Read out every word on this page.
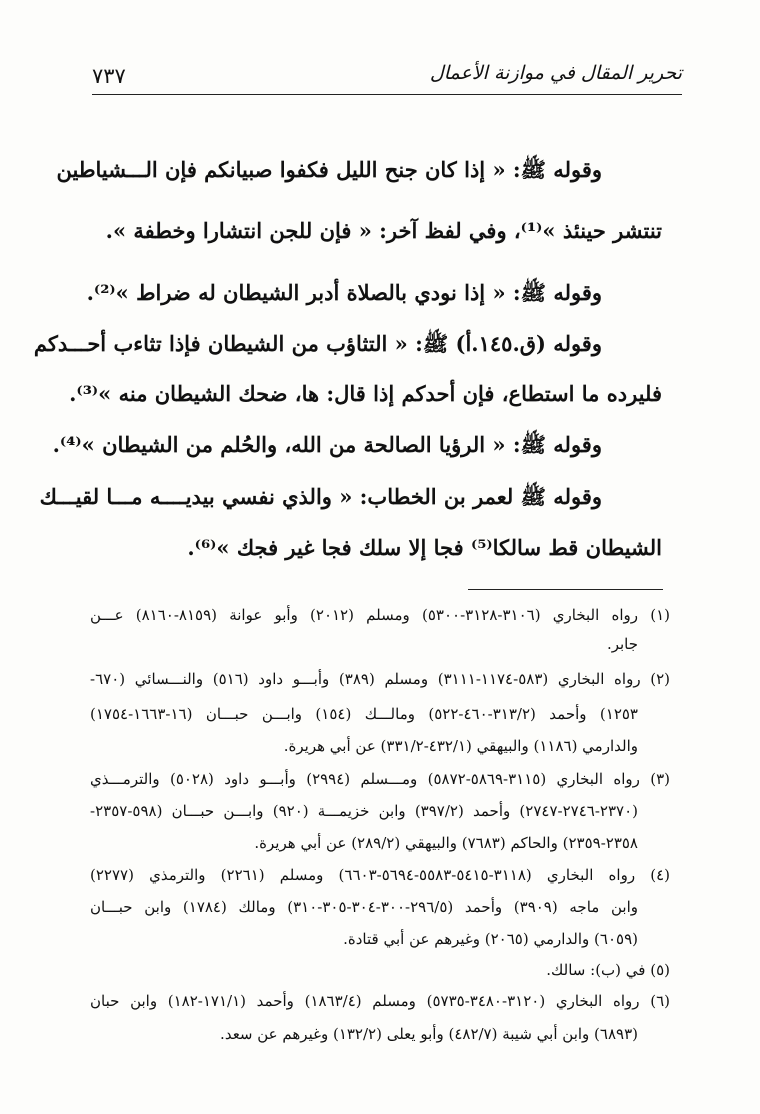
تحرير المقال في موازنة الأعمال
٧٣٧
وقوله ﷺ: « إذا كان جنح الليل فكفوا صبيانكم فإن الـــشياطين
تنتشر حينئذ »⁽¹⁾، وفي لفظ آخر: « فإن للجن انتشارا وخطفة ».
وقوله ﷺ: « إذا نودي بالصلاة أدبر الشيطان له ضراط »⁽²⁾.
وقوله (ق.١٤٥.أ) ﷺ: « التثاؤب من الشيطان فإذا تثاءب أحـــدكم
فليرده ما استطاع، فإن أحدكم إذا قال: ها، ضحك الشيطان منه »⁽³⁾.
وقوله ﷺ: « الرؤيا الصالحة من الله، والحُلم من الشيطان »⁽⁴⁾.
وقوله ﷺ لعمر بن الخطاب: « والذي نفسي بيديــــه مـــا لقيـــك
الشيطان قط سالكا⁽⁵⁾ فجا إلا سلك فجا غير فجك »⁽⁶⁾.
(١) رواه البخاري (٣١٠٦-٣١٢٨-٥٣٠٠) ومسلم (٢٠١٢) وأبو عوانة (٨١٥٩-٨١٦٠) عـــن
جابر.
(٢) رواه البخاري (٥٨٣-١١٧٤-٣١١١) ومسلم (٣٨٩) وأبـــو داود (٥١٦) والنـــسائي (٦٧٠-
١٢٥٣) وأحمد (٣١٣/٢-٤٦٠-٥٢٢) ومالـــك (١٥٤) وابـــن حبـــان (١٦-١٦٦٣-١٧٥٤)
والدارمي (١١٨٦) والبيهقي (٤٣٢/١-٣٣١/٢) عن أبي هريرة.
(٣) رواه البخاري (٣١١٥-٥٨٦٩-٥٨٧٢) ومـــسلم (٢٩٩٤) وأبـــو داود (٥٠٢٨) والترمـــذي
(٢٣٧٠-٢٧٤٦-٢٧٤٧) وأحمد (٣٩٧/٢) وابن خزيمـــة (٩٢٠) وابـــن حبـــان (٥٩٨-٢٣٥٧-
٢٣٥٨-٢٣٥٩) والحاكم (٧٦٨٣) والبيهقي (٢٨٩/٢) عن أبي هريرة.
(٤) رواه البخاري (٣١١٨-٥٤١٥-٥٥٨٣-٥٦٩٤-٦٦٠٣) ومسلم (٢٢٦١) والترمذي (٢٢٧٧)
وابن ماجه (٣٩٠٩) وأحمد (٢٩٦/٥-٣٠٠-٣٠٤-٣٠٥-٣١٠) ومالك (١٧٨٤) وابن حبـــان
(٦٠٥٩) والدارمي (٢٠٦٥) وغيرهم عن أبي قتادة.
(٥) في (ب): سالك.
(٦) رواه البخاري (٣١٢٠-٣٤٨٠-٥٧٣٥) ومسلم (١٨٦٣/٤) وأحمد (١٧١/١-١٨٢) وابن حبان
(٦٨٩٣) وابن أبي شيبة (٤٨٢/٧) وأبو يعلى (١٣٢/٢) وغيرهم عن سعد.
